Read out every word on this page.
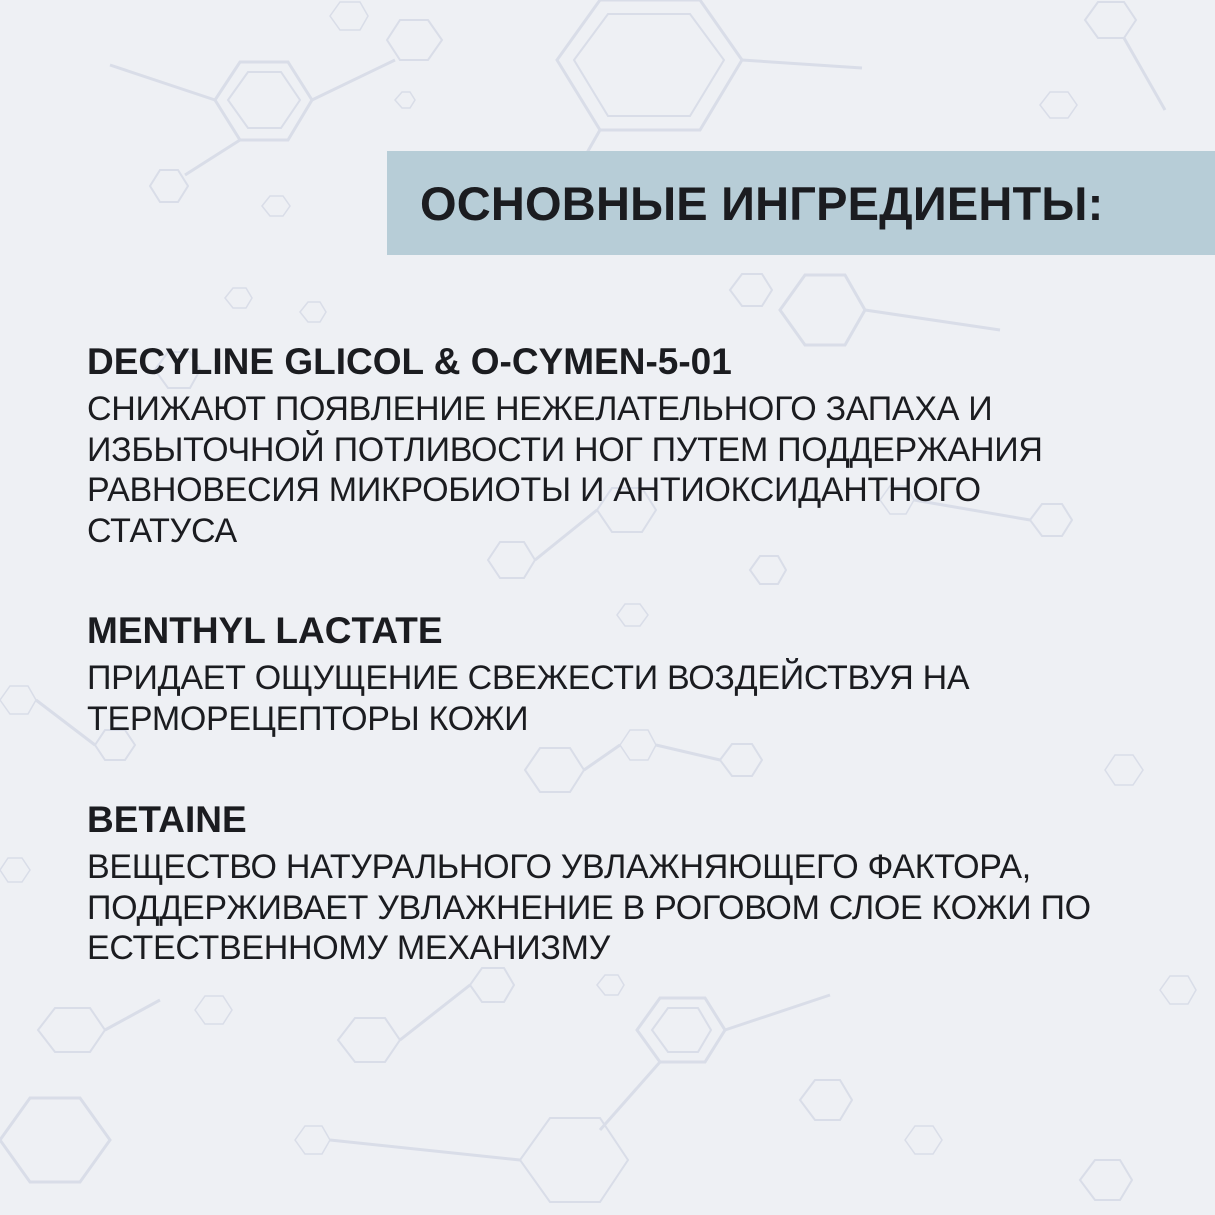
ОСНОВНЫЕ ИНГРЕДИЕНТЫ:
DECYLINE GLICOL & O-CYMEN-5-01

СНИЖАЮТ ПОЯВЛЕНИЕ НЕЖЕЛАТЕЛЬНОГО ЗАПАХА И
ИЗБЫТОЧНОЙ ПОТЛИВОСТИ НОГ ПУТЕМ ПОДДЕРЖАНИЯ
РАВНОВЕСИЯ МИКРОБИОТЫ И АНТИОКСИДАНТНОГО
СТАТУСА

MENTHYL LACTATE

ПРИДАЕТ ОЩУЩЕНИЕ СВЕЖЕСТИ ВОЗДЕЙСТВУЯ НА
ТЕРМОРЕЦЕПТОРЫ КОЖИ

BETAINE

ВЕЩЕСТВО НАТУРАЛЬНОГО УВЛАЖНЯЮЩЕГО ФАКТОРА,
ПОДДЕРЖИВАЕТ УВЛАЖНЕНИЕ В РОГОВОМ СЛОЕ КОЖИ ПО
ЕСТЕСТВЕННОМУ МЕХАНИЗМУ
